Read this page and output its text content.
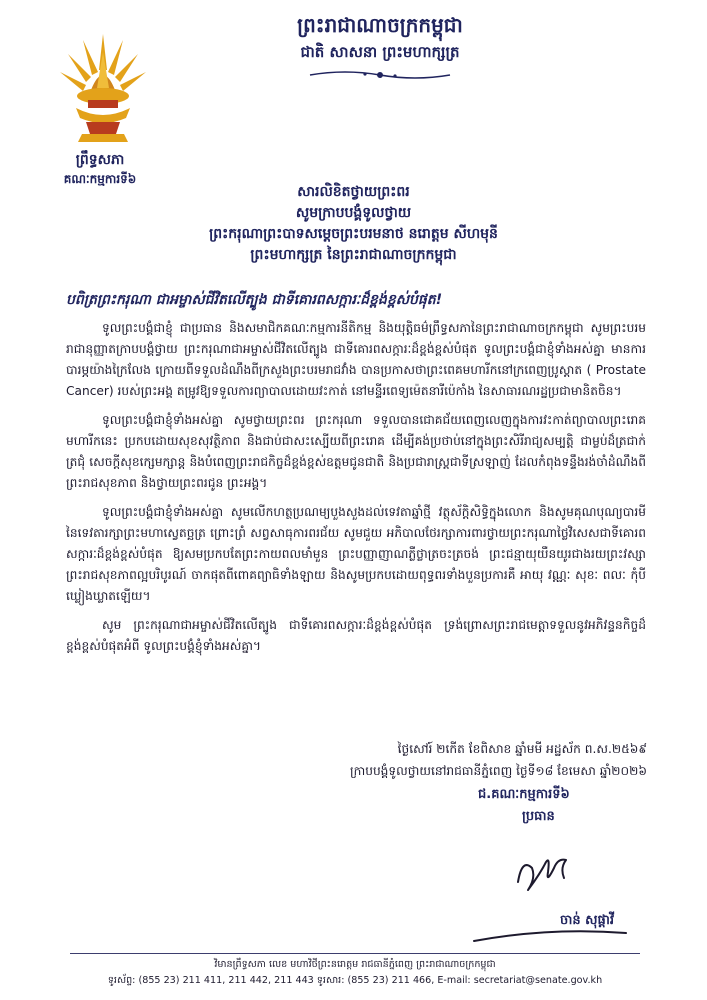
ព្រះរាជាណាចក្រកម្ពុជា
ជាតិ សាសនា ព្រះមហាក្សត្រ
ព្រឹទ្ធសភា
គណៈកម្មការទី៦
សារលិខិតថ្វាយព្រះពរ
សូមក្រាបបង្គំទូលថ្វាយ
ព្រះករុណាព្រះបាទសម្តេចព្រះបរមនាថ នរោត្តម សីហមុនី
ព្រះមហាក្សត្រ នៃព្រះរាជាណាចក្រកម្ពុជា
បពិត្រព្រះករុណា ជាអម្ចាស់ជីវិតលើត្បូង ជាទីគោរពសក្ការៈដ៏ខ្ពង់ខ្ពស់បំផុត!

ទូលព្រះបង្គំជាខ្ញុំ ជាប្រធាន និងសមាជិកគណៈកម្មការនីតិកម្ម និងយុត្តិធម៌ព្រឹទ្ធសភានៃព្រះរាជាណាចក្រកម្ពុជា សូមព្រះបរមរាជានុញ្ញាតក្រាបបង្គំថ្វាយ ព្រះករុណាជាអម្ចាស់ជីវិតលើត្បូង ជាទីគោរពសក្ការៈដ៏ខ្ពង់ខ្ពស់បំផុត ទូលព្រះបង្គំជាខ្ញុំទាំងអស់គ្នា មានការបារម្ភយ៉ាងក្រៃលែង ក្រោយពីទទួលដំណឹងពីក្រសួងព្រះបរមរាជវាំង បានប្រកាសថាព្រះពេគមហារីកនៅក្រពេញប្រូស្តាត ( Prostate Cancer) របស់ព្រះអង្គ តម្រូវឱ្យទទួលការព្យាបាលដោយវះកាត់ នៅមន្ទីរពេទ្យម៉េតនារីប៉េកាំង នៃសាធារណរដ្ឋប្រជាមានិតចិន។

ទូលព្រះបង្គំជាខ្ញុំទាំងអស់គ្នា សូមថ្វាយព្រះពរ ព្រះករុណា ទទួលបានជោគជ័យពេញលេញក្នុងការវះកាត់ព្យាបាលព្រះរោគមហារីកនេះ ប្រកបដោយសុខសុវត្ថិភាព និងជាប់ជាសះស្បើយពីព្រះរោគ ដើម្បីគង់ប្រថាប់នៅក្នុងព្រះសិរីរាជ្យសម្បត្តិ ជាម្លប់ដ៏ត្រជាក់ត្រជុំ សេចក្តីសុខក្សេមក្សាន្ត និងបំពេញព្រះរាជកិច្ចដ៏ខ្ពង់ខ្ពស់ឧត្តមជូនជាតិ និងប្រជារាស្ត្រជាទីស្រឡាញ់ ដែលកំពុងទន្ទឹងរង់ចាំដំណឹងពីព្រះរាជសុខភាព និងថ្វាយព្រះពរជូន ព្រះអង្គ។

ទូលព្រះបង្គំជាខ្ញុំទាំងអស់គ្នា សូមលើកហត្ថប្រណម្យបួងសួងដល់ទេវតាឆ្នាំថ្មី វត្ថុស័ក្តិសិទ្ធិក្នុងលោក និងសូមគុណបុណ្យបារមីនៃទេវតារក្សាព្រះមហាស្វេតច្ឆត្រ ព្រោះព្រំ សព្វសាធុការពរជ័យ សូមជួយ អភិបាលថែរក្សាការពារថ្វាយព្រះករុណាថ្លៃវិសេសជាទីគោរពសក្ការៈដ៏ខ្ពង់ខ្ពស់បំផុត ឱ្យសមប្រកបតែព្រះកាយពលមាំមួន ព្រះបញ្ញាញាណភ្លឺថ្លាត្រចះត្រចង់ ព្រះជន្មាយុយឺនយូរជាងរយព្រះវស្សា ព្រះរាជសុខភាពល្អបរិបូរណ៍ ចាកផុតពីពោគព្យាធិទាំងឡាយ និងសូមប្រកបដោយពុទ្ធពរទាំងបួនប្រការគឺ អាយុ វណ្ណៈ សុខៈ ពលៈ កុំបីឃ្លៀងឃ្លាតឡើយ។

សូម ព្រះករុណាជាអម្ចាស់ជីវិតលើត្បូង ជាទីគោរពសក្ការៈដ៏ខ្ពង់ខ្ពស់បំផុត ទ្រង់ព្រោសព្រះរាជមេត្តាទទួលនូវអភិវន្ទនកិច្ចដ៏ខ្ពង់ខ្ពស់បំផុតអំពី ទូលព្រះបង្គំខ្ញុំទាំងអស់គ្នា។

ថ្ងៃសៅរ៍ ២កើត ខែពិសាខ ឆ្នាំមមី អដ្ឋស័ក ព.ស.២៥៦៩
ក្រាបបង្គំទូលថ្វាយនៅរាជធានីភ្នំពេញ ថ្ងៃទី១៨ ខែមេសា ឆ្នាំ២០២៦
ជ.គណៈកម្មការទី៦
ប្រធាន
ចាន់ សុផ្តាវី
វិមានព្រឹទ្ធសភា លេខ មហាវិថីព្រះនរោត្តម រាជធានីភ្នំពេញ ព្រះរាជាណាចក្រកម្ពុជា
ទូរស័ព្ទ: (855 23) 211 411, 211 442, 211 443 ទូរសារ: (855 23) 211 466, E-mail: secretariat@senate.gov.kh
